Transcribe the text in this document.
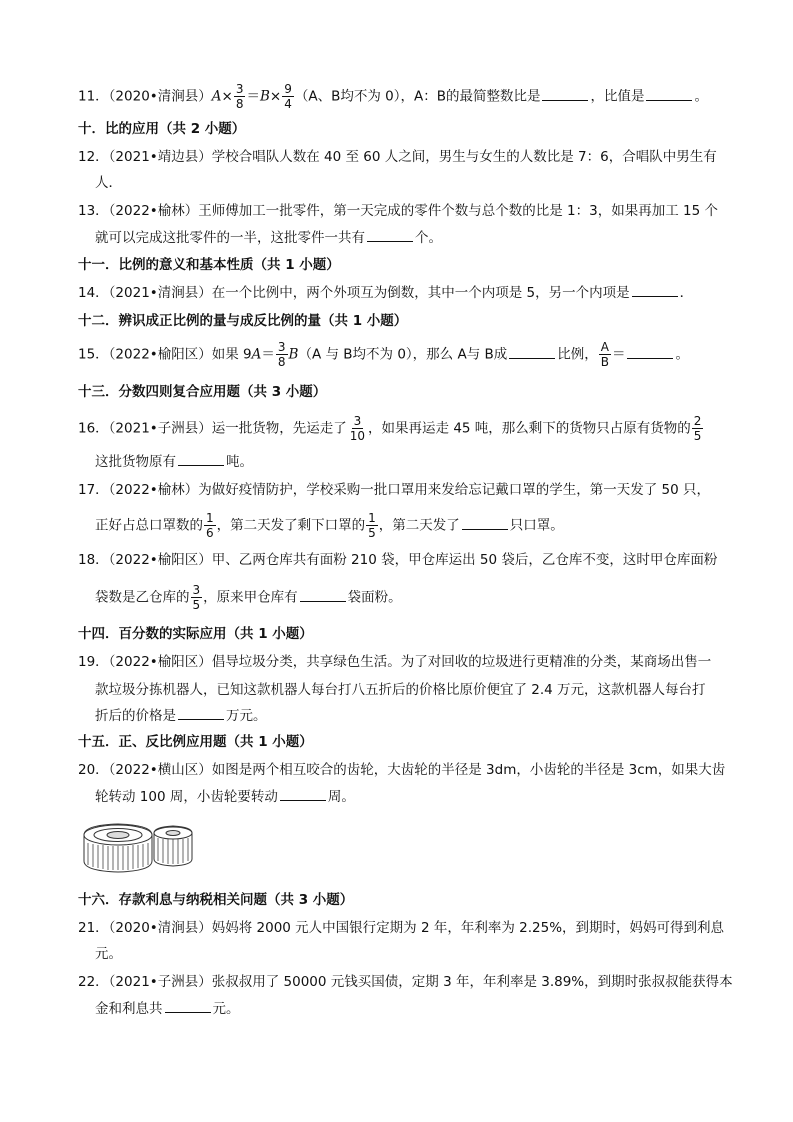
11．（2020•清涧县）$A\times \frac{3}{8} =B\times \frac{9}{4} (A$、B均不为 0），A：B的最简整数比是	，比值是	。
十．比的应用（共 2 小题）
12．（2021•靖边县）学校合唱队人数在 40 至 60 人之间，男生与女生的人数比是 7：6，合唱队中男生有
人．
13．（2022•榆林）王师傅加工一批零件，第一天完成的零件个数与总个数的比是 1：3，如果再加工 15 个
就可以完成这批零件的一半，这批零件一共有	个。
十一．比例的意义和基本性质（共 1 小题）
14．（2021•清涧县）在一个比例中，两个外项互为倒数，其中一个内项是 5，另一个内项是	．
十二．辨识成正比例的量与成反比例的量（共 1 小题）
15．（2022•榆阳区）如果 $9A= \frac{3}{8} B(A$ 与 B均不为 0），那么 A与 B成	比例， $\frac{A}{B}$ ＝	。
十三．分数四则复合应用题（共 3 小题）
16．（2021•子洲县）运一批货物，先运走了 $\frac{3}{10}$ ，如果再运走 45 吨，那么剩下的货物只占原有货物的 $\frac{2}{5}$
这批货物原有	吨。
17．（2022•榆林）为做好疫情防护，学校采购一批口罩用来发给忘记戴口罩的学生，第一天发了 50 只，
正好占总口罩数的 $\frac{1}{6}$ ，第二天发了剩下口罩的 $\frac{1}{5}$ ，第二天发了	只口罩。
18．（2022•榆阳区）甲、乙两仓库共有面粉 210 袋，甲仓库运出 50 袋后，乙仓库不变，这时甲仓库面粉
袋数是乙仓库的 $\frac{3}{5}$ ，原来甲仓库有	袋面粉。
十四．百分数的实际应用（共 1 小题）
19．（2022•榆阳区）倡导垃圾分类，共享绿色生活。为了对回收的垃圾进行更精准的分类，某商场出售一
款垃圾分拣机器人，已知这款机器人每台打八五折后的价格比原价便宜了 2.4 万元，这款机器人每台打
折后的价格是	万元。
十五．正、反比例应用题（共 1 小题）
20．（2022•横山区）如图是两个相互咬合的齿轮，大齿轮的半径是 3dm，小齿轮的半径是 3cm，如果大齿
轮转动 100 周，小齿轮要转动	周。
十六．存款利息与纳税相关问题（共 3 小题）
21．（2020•清涧县）妈妈将 2000 元人中国银行定期为 2 年，年利率为 2.25%，到期时，妈妈可得到利息
元。
22．（2021•子洲县）张叔叔用了 50000 元钱买国债，定期 3 年，年利率是 3.89%，到期时张叔叔能获得本
金和利息共	元。
